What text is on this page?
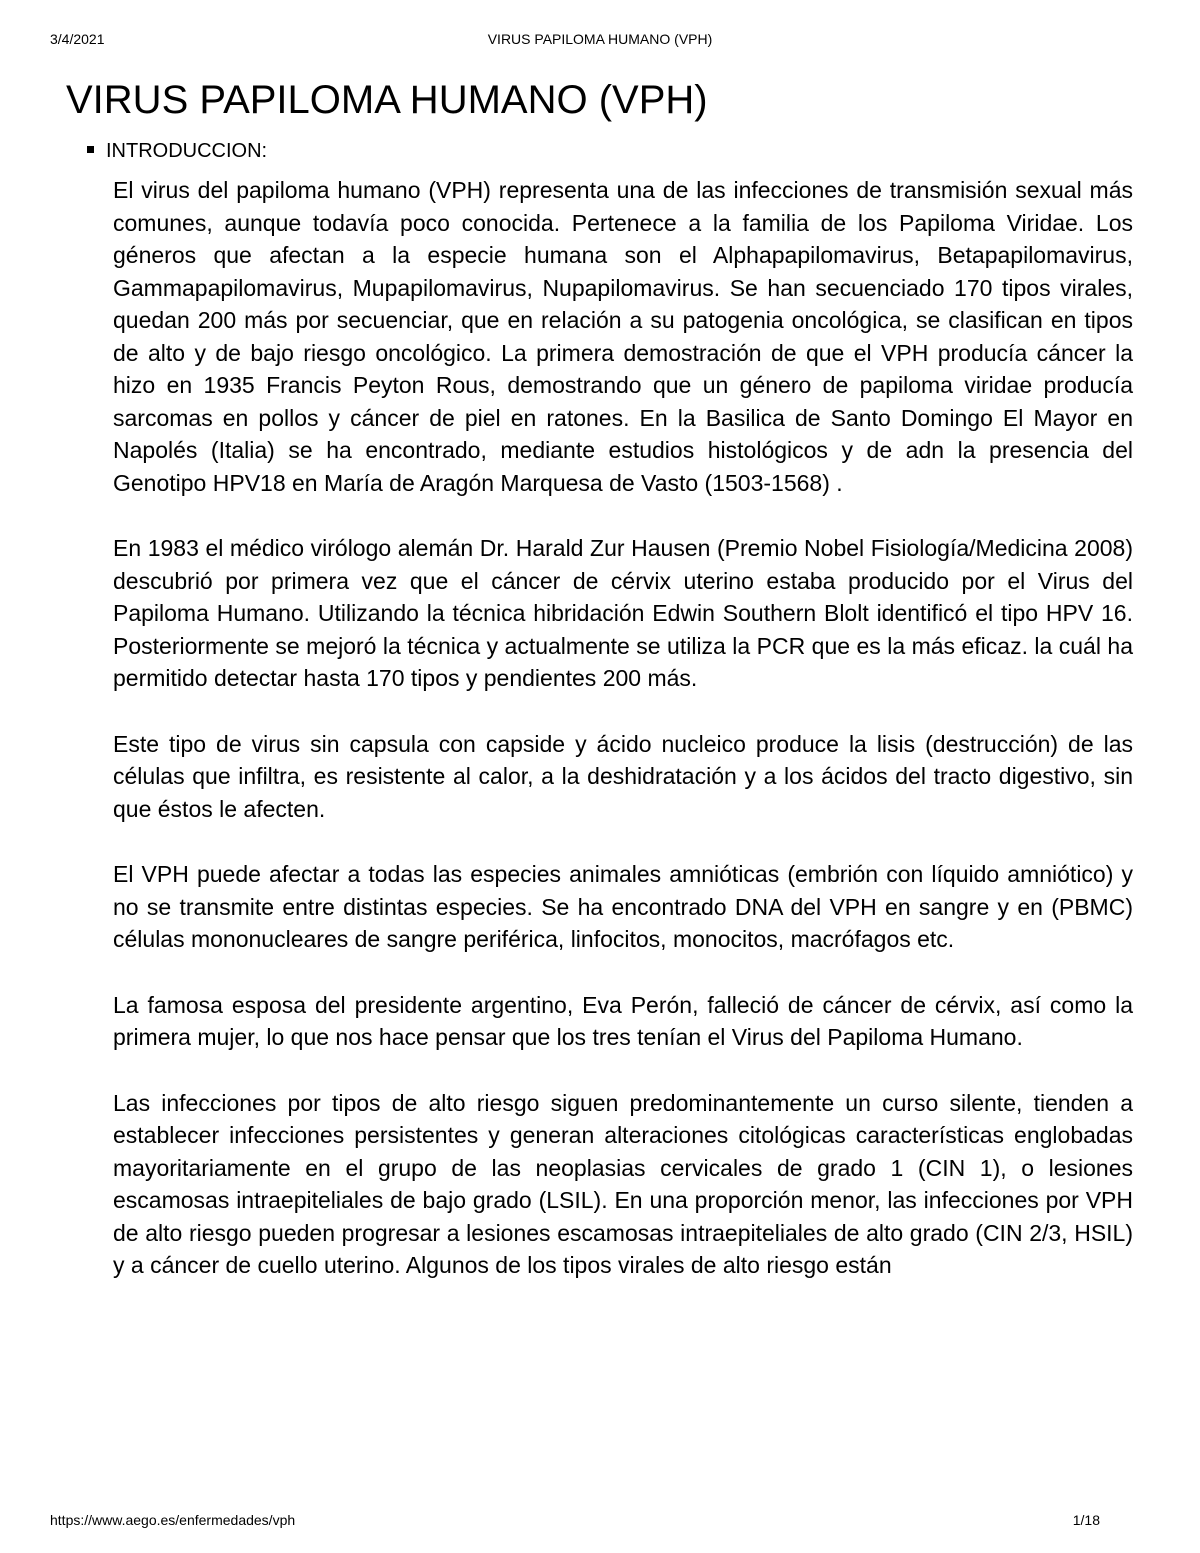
3/4/2021	VIRUS PAPILOMA HUMANO (VPH)
VIRUS PAPILOMA HUMANO (VPH)
INTRODUCCION:

El virus del papiloma humano (VPH) representa una de las infecciones de transmisión sexual más comunes, aunque todavía poco conocida. Pertenece a la familia de los Papiloma Viridae. Los géneros que afectan a la especie humana son el Alphapapilomavirus, Betapapilomavirus, Gammapapilomavirus, Mupapilomavirus, Nupapilomavirus. Se han secuenciado 170 tipos virales, quedan 200 más por secuenciar, que en relación a su patogenia oncológica, se clasifican en tipos de alto y de bajo riesgo oncológico. La primera demostración de que el VPH producía cáncer la hizo en 1935 Francis Peyton Rous, demostrando que un género de papiloma viridae producía sarcomas en pollos y cáncer de piel en ratones. En la Basilica de Santo Domingo El Mayor en Napolés (Italia) se ha encontrado, mediante estudios histológicos y de adn la presencia del Genotipo HPV18 en María de Aragón Marquesa de Vasto (1503-1568) .

En 1983 el médico virólogo alemán Dr. Harald Zur Hausen (Premio Nobel Fisiología/Medicina 2008) descubrió por primera vez que el cáncer de cérvix uterino estaba producido por el Virus del Papiloma Humano. Utilizando la técnica hibridación Edwin Southern Blolt identificó el tipo HPV 16. Posteriormente se mejoró la técnica y actualmente se utiliza la PCR que es la más eficaz. la cuál ha permitido detectar hasta 170 tipos y pendientes 200 más.

Este tipo de virus sin capsula con capside y ácido nucleico produce la lisis (destrucción) de las células que infiltra, es resistente al calor, a la deshidratación y a los ácidos del tracto digestivo, sin que éstos le afecten.

El VPH puede afectar a todas las especies animales amnióticas (embrión con líquido amniótico) y no se transmite entre distintas especies. Se ha encontrado DNA del VPH en sangre y en (PBMC) células mononucleares de sangre periférica, linfocitos, monocitos, macrófagos etc.

La famosa esposa del presidente argentino, Eva Perón, falleció de cáncer de cérvix, así como la primera mujer, lo que nos hace pensar que los tres tenían el Virus del Papiloma Humano.

Las infecciones por tipos de alto riesgo siguen predominantemente un curso silente, tienden a establecer infecciones persistentes y generan alteraciones citológicas características englobadas mayoritariamente en el grupo de las neoplasias cervicales de grado 1 (CIN 1), o lesiones escamosas intraepiteliales de bajo grado (LSIL). En una proporción menor, las infecciones por VPH de alto riesgo pueden progresar a lesiones escamosas intraepiteliales de alto grado (CIN 2/3, HSIL) y a cáncer de cuello uterino. Algunos de los tipos virales de alto riesgo están

https://www.aego.es/enfermedades/vph	1/18
